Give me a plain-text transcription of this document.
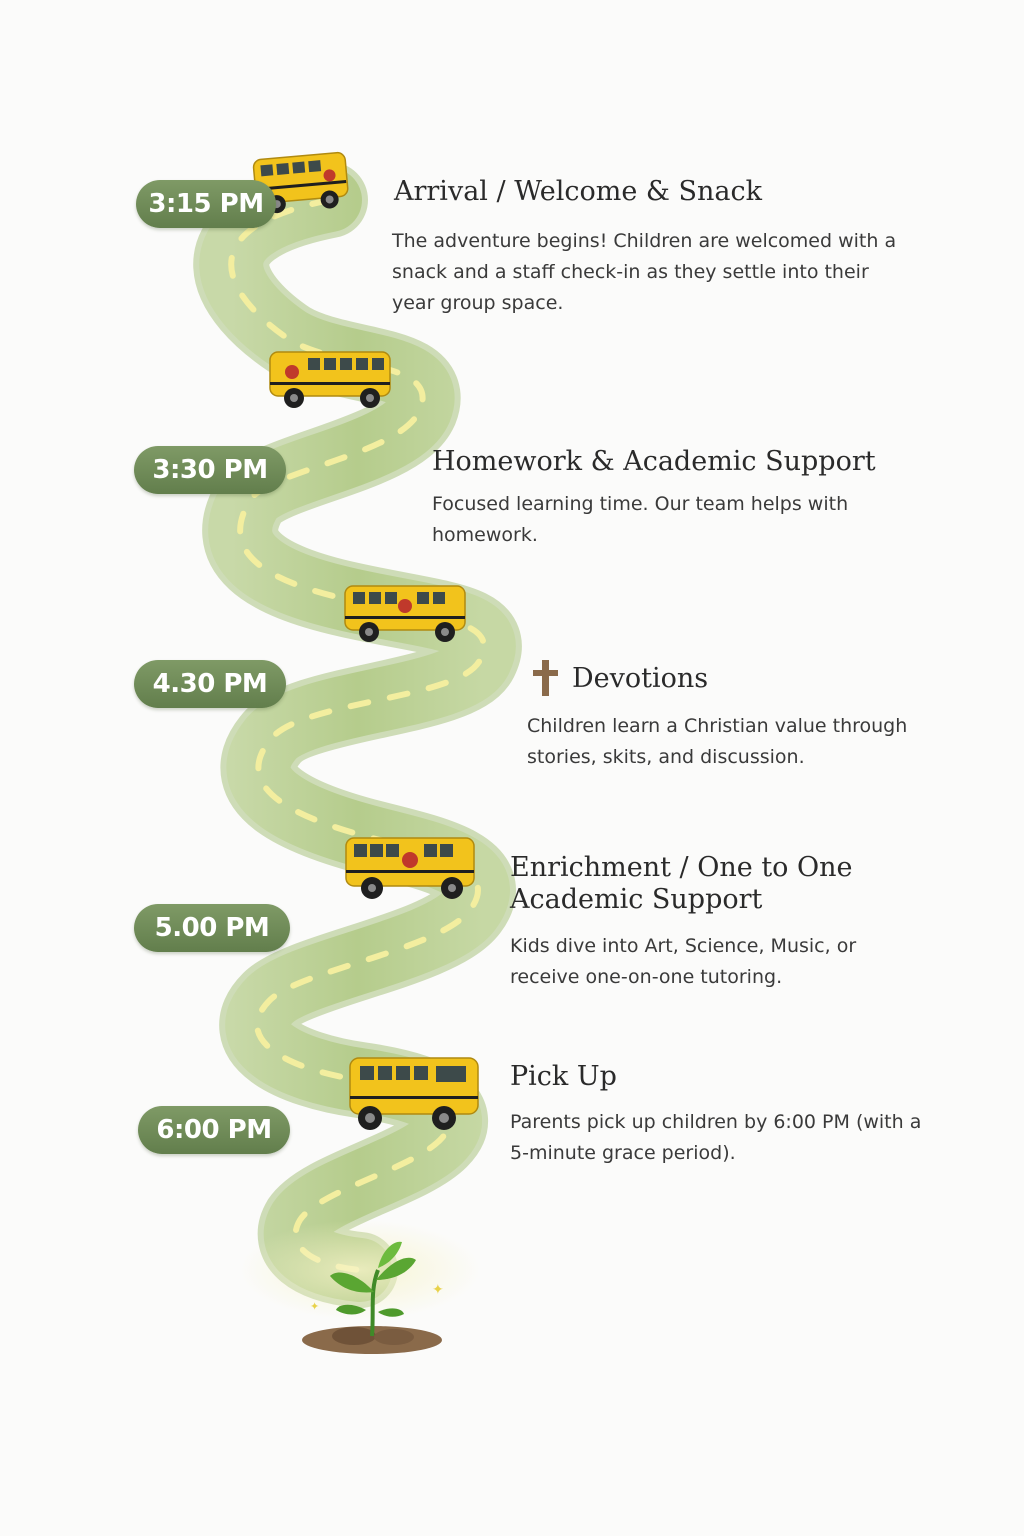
✦
✦
3:15 PM
3:30 PM
4.30 PM
5.00 PM
6:00 PM
Arrival / Welcome & Snack
Homework & Academic Support
Devotions
Enrichment / One to One Academic Support
Pick Up

The adventure begins! Children are welcomed with a snack and a staff check-in as they settle into their year group space.

Focused learning time. Our team helps with homework.

Children learn a Christian value through stories, skits, and discussion.

Kids dive into Art, Science, Music, or receive one-on-one tutoring.

Parents pick up children by 6:00 PM (with a 5-minute grace period).
